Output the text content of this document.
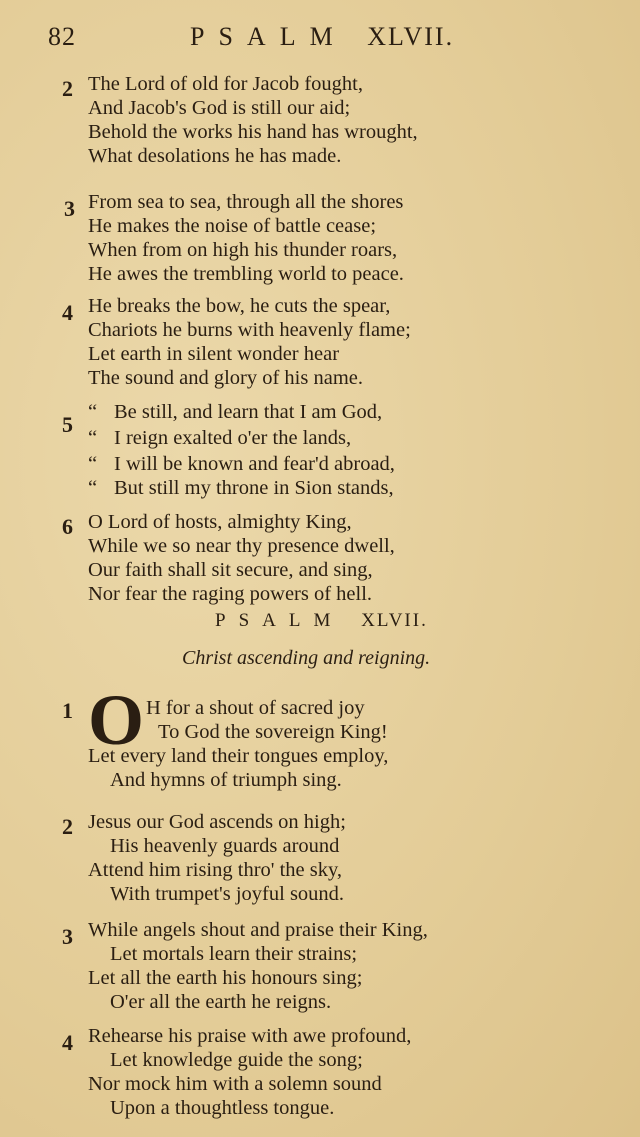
82	PSALM XLVII.
2 The Lord of old for Jacob fought,
And Jacob's God is still our aid;
Behold the works his hand has wrought,
What desolations he has made.
3 From sea to sea, through all the shores
He makes the noise of battle cease;
When from on high his thunder roars,
He awes the trembling world to peace.
4 He breaks the bow, he cuts the spear,
Chariots he burns with heavenly flame;
Let earth in silent wonder hear
The sound and glory of his name.
5 “ Be still, and learn that I am God,
“ I reign exalted o'er the lands,
“ I will be known and fear'd abroad,
“ But still my throne in Sion stands,
6 O Lord of hosts, almighty King,
While we so near thy presence dwell,
Our faith shall sit secure, and sing,
Nor fear the raging powers of hell.
PSALM XLVII.
Christ ascending and reigning.
O
1	H for a shout of sacred joy
To God the sovereign King!
Let every land their tongues employ,
And hymns of triumph sing.
2 Jesus our God ascends on high;
His heavenly guards around
Attend him rising thro' the sky,
With trumpet's joyful sound.
3 While angels shout and praise their King,
Let mortals learn their strains;
Let all the earth his honours sing;
O'er all the earth he reigns.
4 Rehearse his praise with awe profound,
Let knowledge guide the song;
Nor mock him with a solemn sound
Upon a thoughtless tongue.
